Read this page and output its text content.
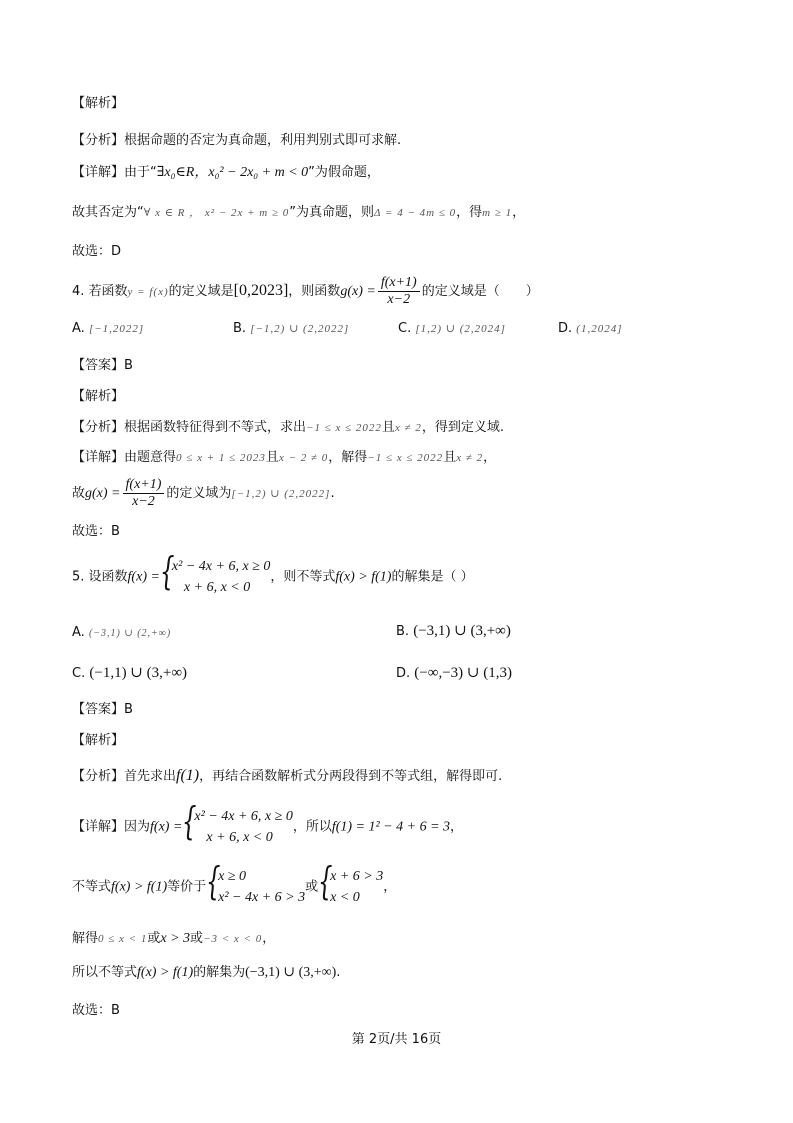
【解析】
【分析】根据命题的否定为真命题，利用判别式即可求解.
【详解】由于“∃x₀∈R，x₀² − 2x₀ + m < 0”为假命题，
故其否定为“∀ x ∈ R ， x² − 2x + m ≥ 0”为真命题，则Δ = 4 − 4m ≤ 0，得m ≥ 1，
故选：D
4. 若函数y = f(x)的定义域是[0,2023]，则函数$g(x) = \frac{f(x+1)}{x-2}$ 的定义域是（　　）
A. [−1,2022]	B. [−1,2) ∪ (2,2022]	C. [1,2) ∪ (2,2024]	D. (1,2024]
【答案】B
【解析】
【分析】根据函数特征得到不等式，求出−1 ≤ x ≤ 2022且x ≠ 2，得到定义域.
【详解】由题意得0 ≤ x + 1 ≤ 2023且x − 2 ≠ 0，解得−1 ≤ x ≤ 2022且x ≠ 2，
故$g(x) = \frac{f(x+1)}{x-2}$ 的定义域为[−1,2) ∪ (2,2022].
故选：B
5. 设函数f(x) = {
x² − 4x + 6, x ≥ 0
x + 6, x < 0
，则不等式f(x) > f(1)的解集是（ ）
A. (−3,1) ∪ (2,+∞)	B. (−3,1) ∪ (3,+∞)
C. (−1,1) ∪ (3,+∞)	D. (−∞,−3) ∪ (1,3)
【答案】B
【解析】
【分析】首先求出f(1)，再结合函数解析式分两段得到不等式组，解得即可.
【详解】因为f(x) = {
x² − 4x + 6, x ≥ 0
x + 6, x < 0
，所以f(1) = 1² − 4 + 6 = 3，
不等式f(x) > f(1)等价于 {
x ≥ 0
x² − 4x + 6 > 3
或 {
x + 6 > 3
x < 0
，
解得0 ≤ x < 1或x > 3或−3 < x < 0，
所以不等式f(x) > f(1)的解集为(−3,1) ∪ (3,+∞).
故选：B
第 2页/共 16页
